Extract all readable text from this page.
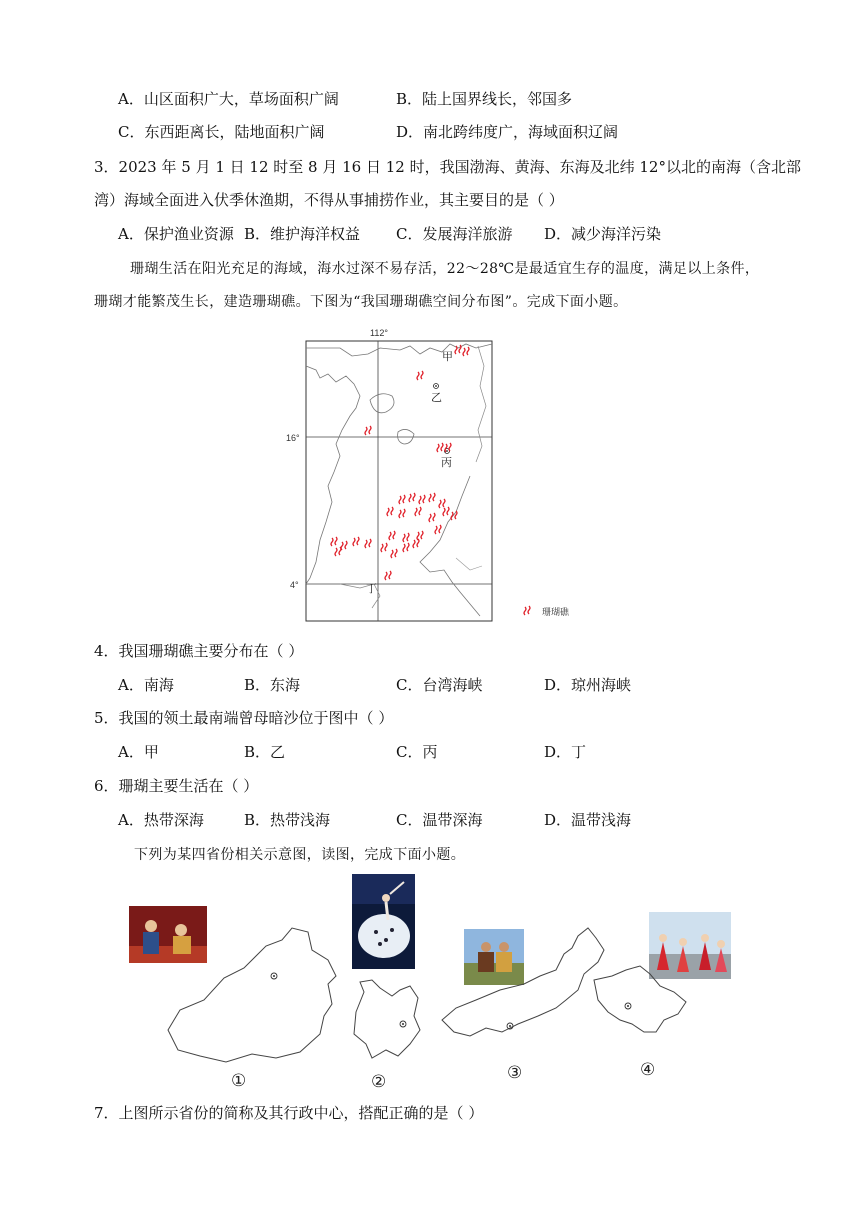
A．山区面积广大，草场面积广阔	B．陆上国界线长，邻国多
C．东西距离长，陆地面积广阔	D．南北跨纬度广，海域面积辽阔
3．2023 年 5 月 1 日 12 时至 8 月 16 日 12 时，我国渤海、黄海、东海及北纬 12°以北的南海（含北部
湾）海域全面进入伏季休渔期，不得从事捕捞作业，其主要目的是（ ）
A．保护渔业资源 B．维护海洋权益 C．发展海洋旅游 D．减少海洋污染
珊瑚生活在阳光充足的海域，海水过深不易存活，22～28℃是最适宜生存的温度，满足以上条件，
珊瑚才能繁茂生长，建造珊瑚礁。下图为“我国珊瑚礁空间分布图”。完成下面小题。
112°
16°
4°
甲
乙
丙
丁
珊瑚礁
4．我国珊瑚礁主要分布在（ ）
A．南海	B．东海	C．台湾海峡	D．琼州海峡
5．我国的领土最南端曾母暗沙位于图中（ ）
A．甲	B．乙	C．丙	D．丁
6．珊瑚主要生活在（ ）
A．热带深海	B．热带浅海	C．温带深海	D．温带浅海
下列为某四省份相关示意图，读图，完成下面小题。
①	②	③	④
7．上图所示省份的简称及其行政中心，搭配正确的是（ ）
